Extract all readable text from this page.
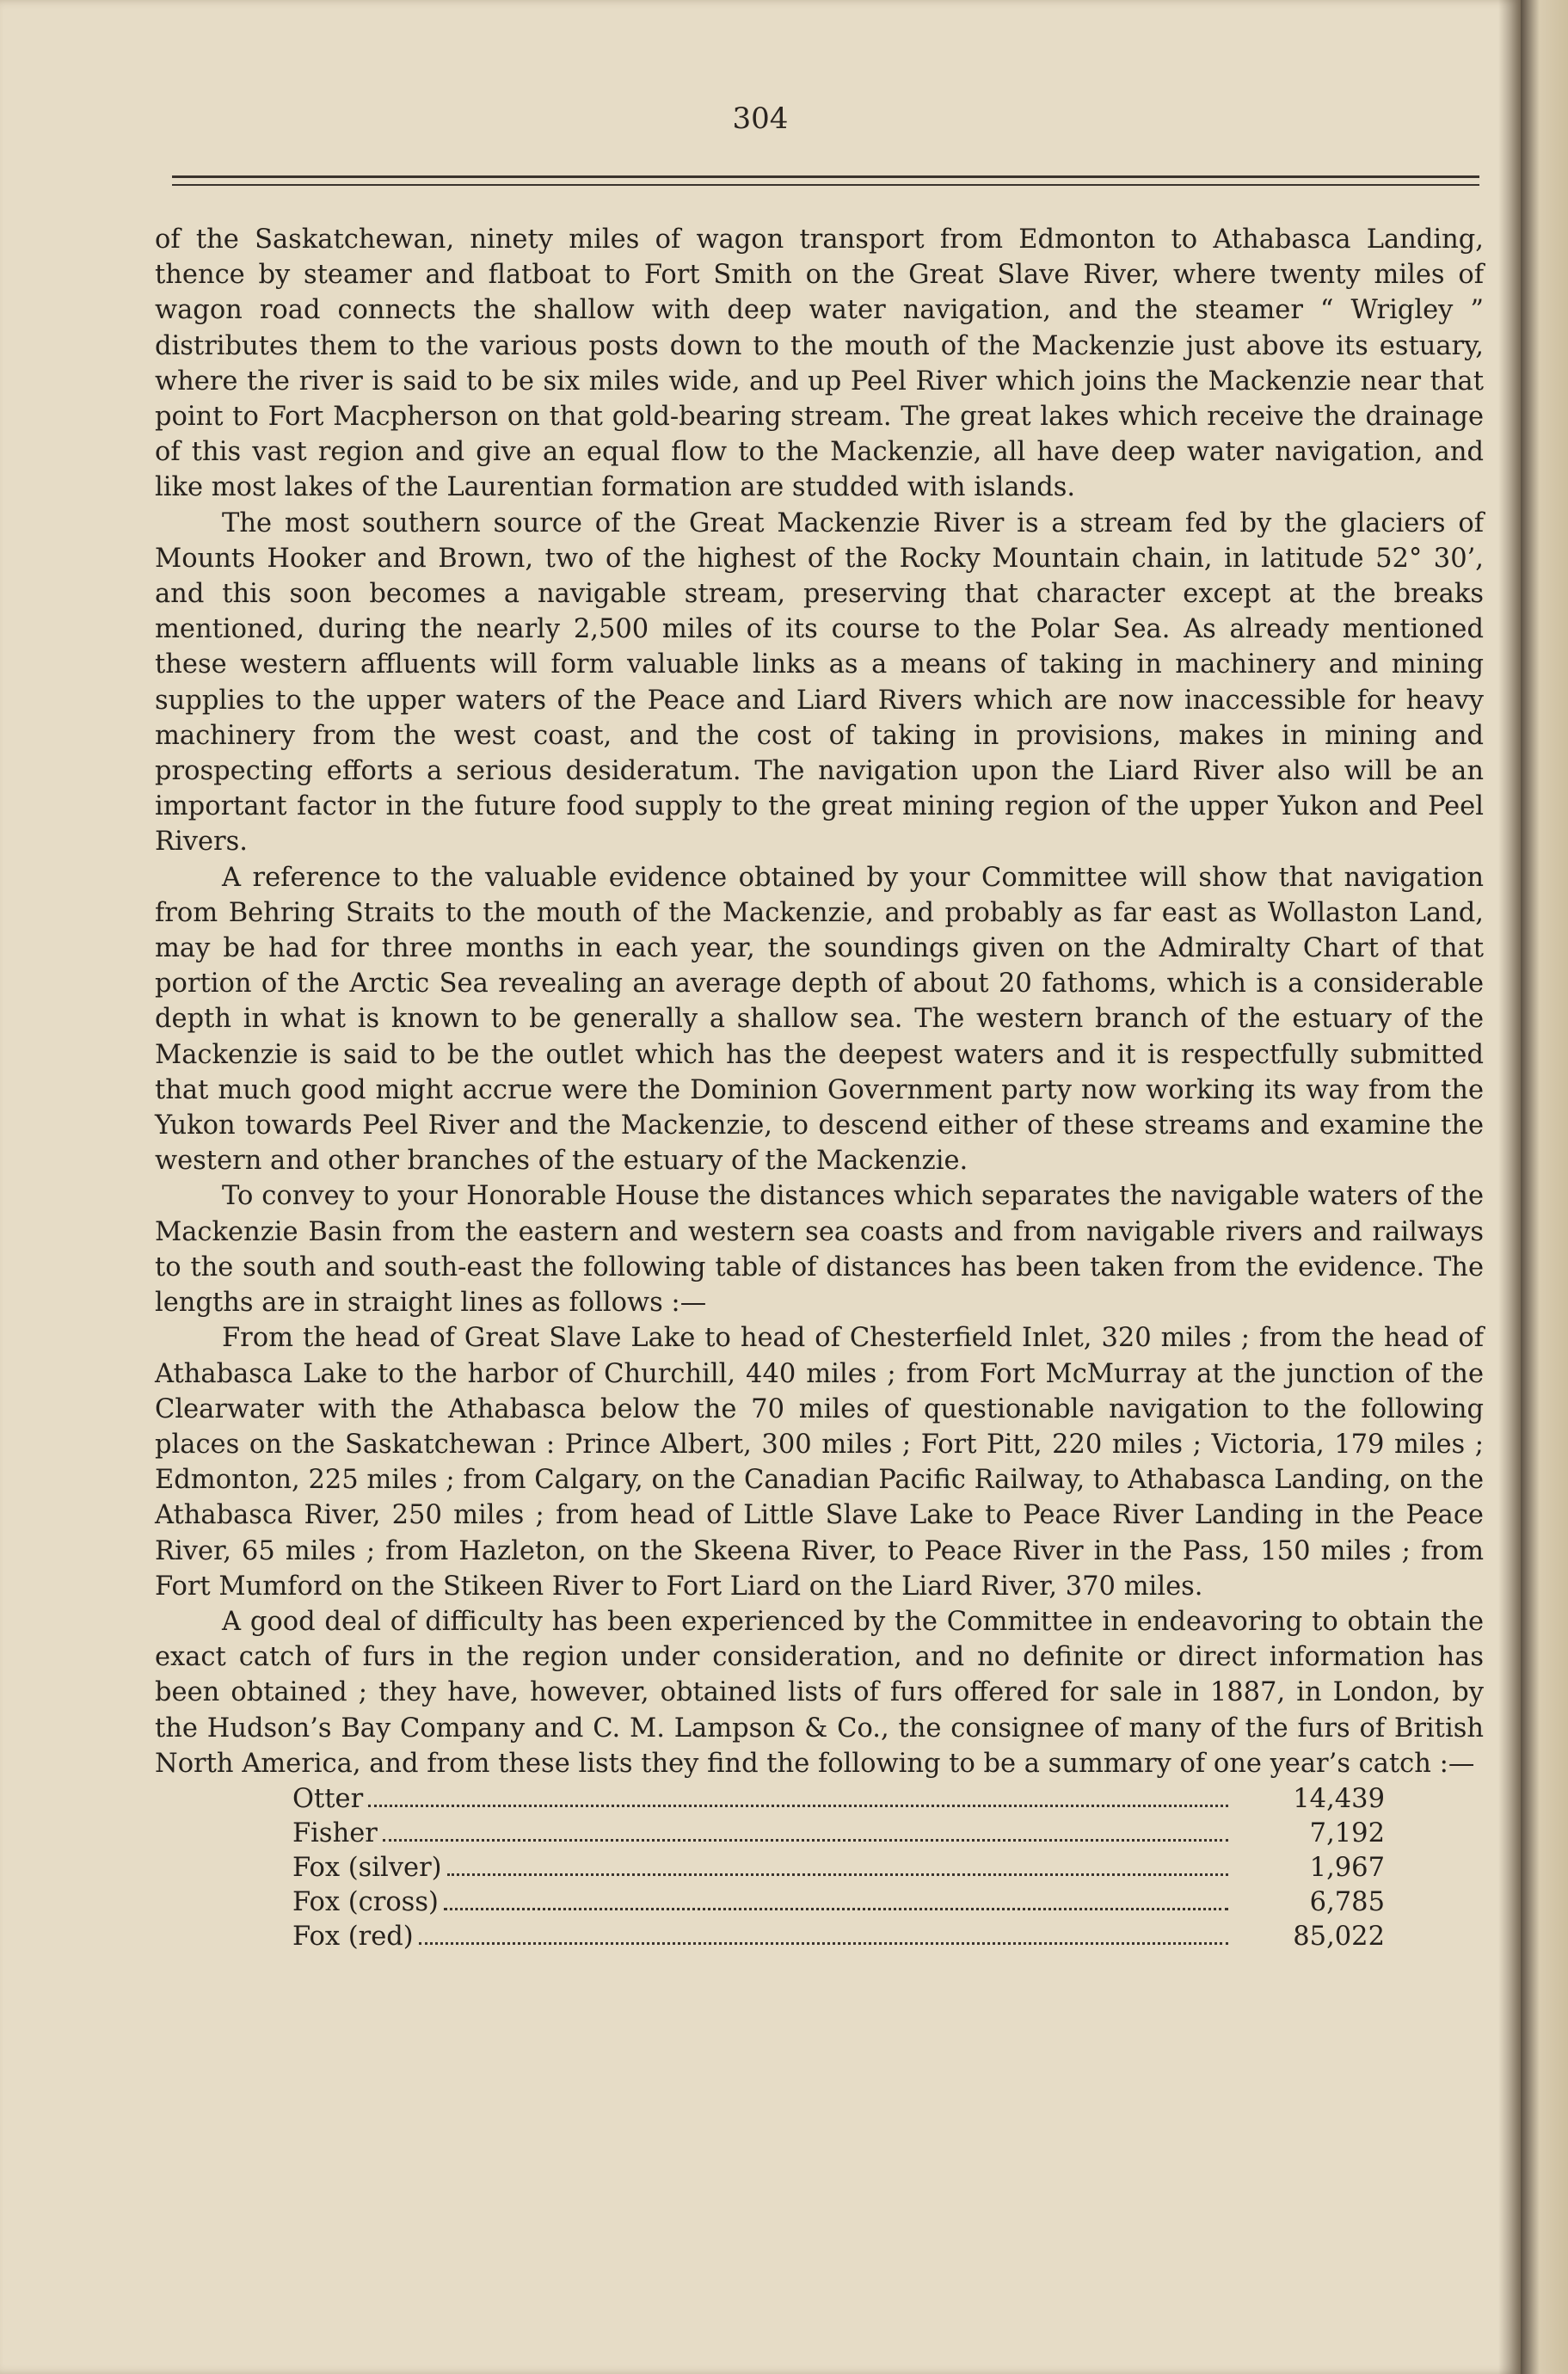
304

of the Saskatchewan, ninety miles of wagon transport from Edmonton to Athabasca Landing, thence by steamer and flatboat to Fort Smith on the Great Slave River, where twenty miles of wagon road connects the shallow with deep water navigation, and the steamer “ Wrigley ” distributes them to the various posts down to the mouth of the Mackenzie just above its estuary, where the river is said to be six miles wide, and up Peel River which joins the Mackenzie near that point to Fort Macpherson on that gold-bearing stream. The great lakes which receive the drainage of this vast region and give an equal flow to the Mackenzie, all have deep water navigation, and like most lakes of the Laurentian formation are studded with islands.

The most southern source of the Great Mackenzie River is a stream fed by the glaciers of Mounts Hooker and Brown, two of the highest of the Rocky Mountain chain, in latitude 52° 30’, and this soon becomes a navigable stream, preserving that character except at the breaks mentioned, during the nearly 2,500 miles of its course to the Polar Sea. As already mentioned these western affluents will form valuable links as a means of taking in machinery and mining supplies to the upper waters of the Peace and Liard Rivers which are now inaccessible for heavy machinery from the west coast, and the cost of taking in provisions, makes in mining and prospecting efforts a serious desideratum. The navigation upon the Liard River also will be an important factor in the future food supply to the great mining region of the upper Yukon and Peel Rivers.

A reference to the valuable evidence obtained by your Committee will show that navigation from Behring Straits to the mouth of the Mackenzie, and probably as far east as Wollaston Land, may be had for three months in each year, the soundings given on the Admiralty Chart of that portion of the Arctic Sea revealing an average depth of about 20 fathoms, which is a considerable depth in what is known to be generally a shallow sea. The western branch of the estuary of the Mackenzie is said to be the outlet which has the deepest waters and it is respectfully submitted that much good might accrue were the Dominion Government party now working its way from the Yukon towards Peel River and the Mackenzie, to descend either of these streams and examine the western and other branches of the estuary of the Mackenzie.

To convey to your Honorable House the distances which separates the navigable waters of the Mackenzie Basin from the eastern and western sea coasts and from navigable rivers and railways to the south and south-east the following table of distances has been taken from the evidence. The lengths are in straight lines as follows :—

From the head of Great Slave Lake to head of Chesterfield Inlet, 320 miles ; from the head of Athabasca Lake to the harbor of Churchill, 440 miles ; from Fort McMurray at the junction of the Clearwater with the Athabasca below the 70 miles of questionable navigation to the following places on the Saskatchewan : Prince Albert, 300 miles ; Fort Pitt, 220 miles ; Victoria, 179 miles ; Edmonton, 225 miles ; from Calgary, on the Canadian Pacific Railway, to Athabasca Landing, on the Athabasca River, 250 miles ; from head of Little Slave Lake to Peace River Landing in the Peace River, 65 miles ; from Hazleton, on the Skeena River, to Peace River in the Pass, 150 miles ; from Fort Mumford on the Stikeen River to Fort Liard on the Liard River, 370 miles.

A good deal of difficulty has been experienced by the Committee in endeavoring to obtain the exact catch of furs in the region under consideration, and no definite or direct information has been obtained ; they have, however, obtained lists of furs offered for sale in 1887, in London, by the Hudson’s Bay Company and C. M. Lampson & Co., the consignee of many of the furs of British North America, and from these lists they find the following to be a summary of one year’s catch :—

Otter	14,439
Fisher	7,192
Fox (silver)	1,967
Fox (cross)	6,785
Fox (red)	85,022
